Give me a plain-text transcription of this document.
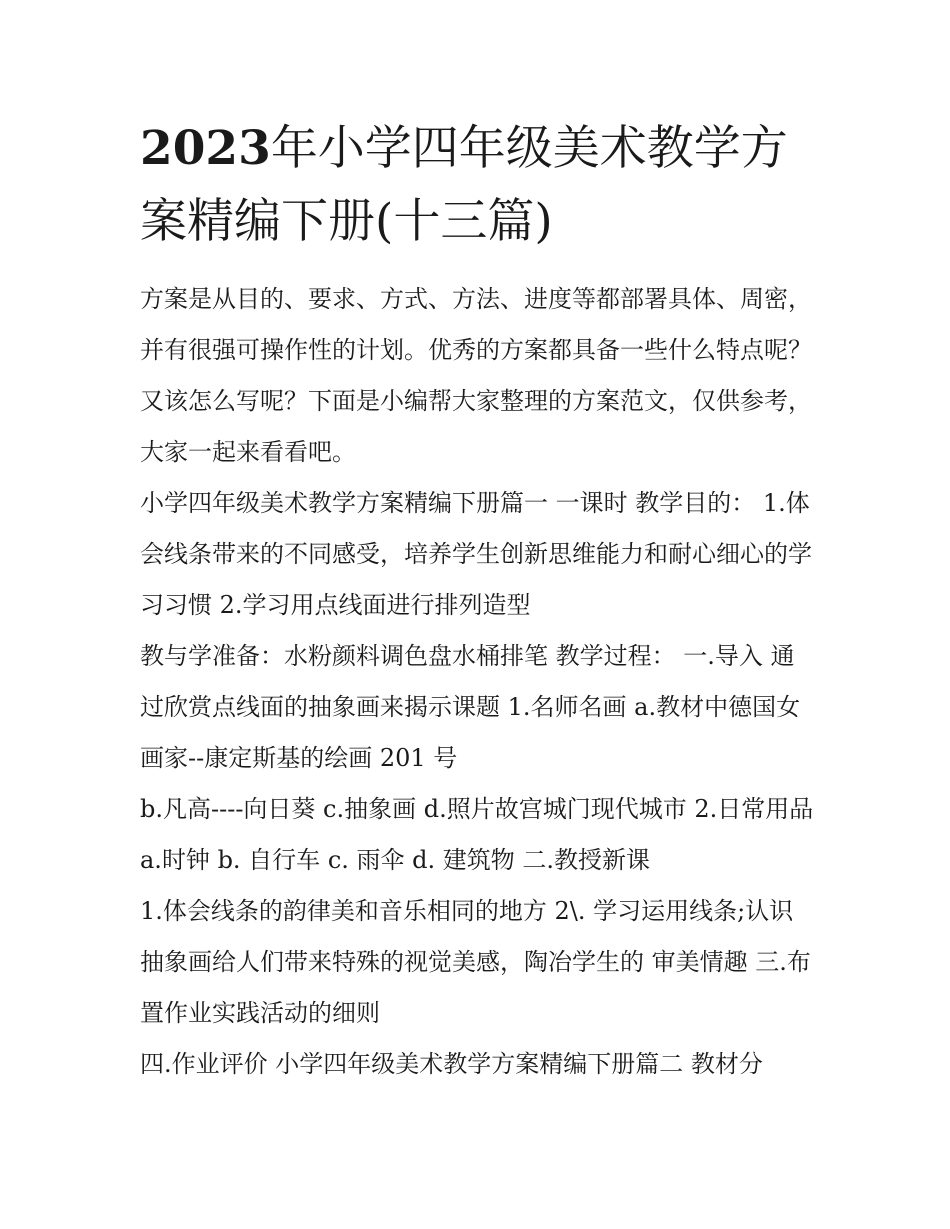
2023年小学四年级美术教学方案精编下册(十三篇)

方案是从目的、要求、方式、方法、进度等都部署具体、周密，并有很强可操作性的计划。优秀的方案都具备一些什么特点呢？又该怎么写呢？下面是小编帮大家整理的方案范文，仅供参考，大家一起来看看吧。

小学四年级美术教学方案精编下册篇一 一课时 教学目的： 1.体会线条带来的不同感受，培养学生创新思维能力和耐心细心的学习习惯 2.学习用点线面进行排列造型

教与学准备：水粉颜料调色盘水桶排笔 教学过程： 一.导入 通过欣赏点线面的抽象画来揭示课题 1.名师名画 a.教材中德国女画家--康定斯基的绘画 201 号

b.凡高----向日葵 c.抽象画 d.照片故宫城门现代城市 2.日常用品 a.时钟 b. 自行车 c. 雨伞 d. 建筑物 二.教授新课

1.体会线条的韵律美和音乐相同的地方 2\. 学习运用线条;认识抽象画给人们带来特殊的视觉美感，陶冶学生的 审美情趣 三.布置作业实践活动的细则

四.作业评价 小学四年级美术教学方案精编下册篇二 教材分
